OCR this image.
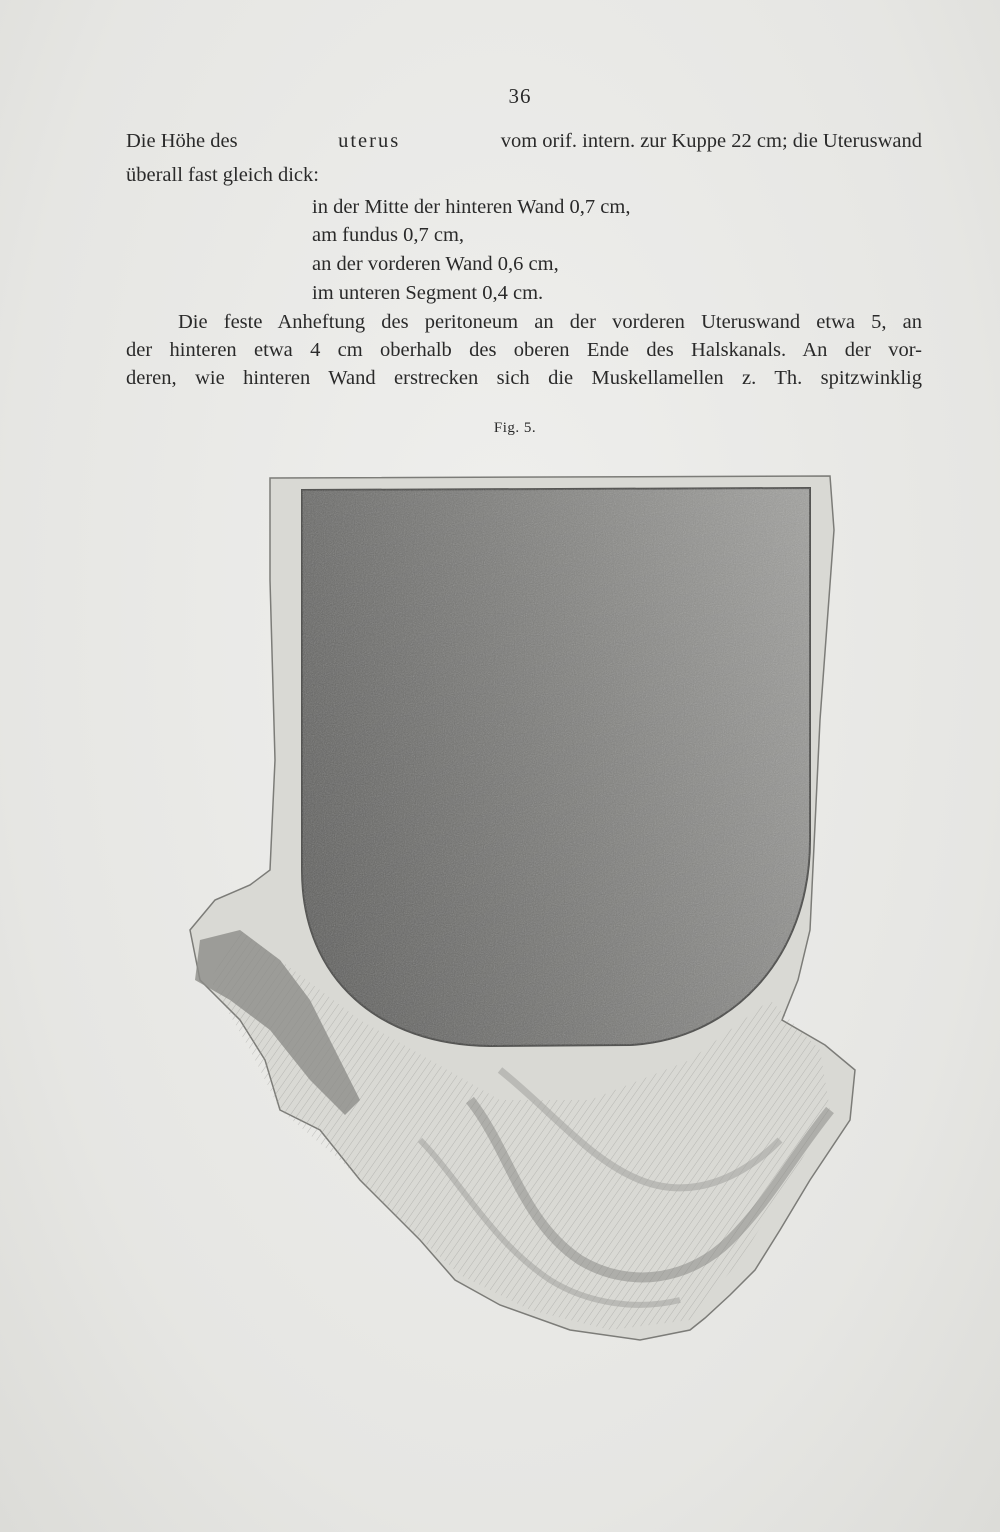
36
Die Höhe des	uterus	vom orif. intern. zur Kuppe 22 cm; die Uteruswand
überall fast gleich dick:
in der Mitte der hinteren Wand 0,7 cm,
am fundus 0,7 cm,
an der vorderen Wand 0,6 cm,
im unteren Segment 0,4 cm.
Die feste Anheftung des peritoneum an der vorderen Uteruswand etwa 5, an
der hinteren etwa 4 cm oberhalb des oberen Ende des Halskanals. An der vor-
deren, wie hinteren Wand erstrecken sich die Muskellamellen z. Th. spitzwinklig
Fig. 5.
